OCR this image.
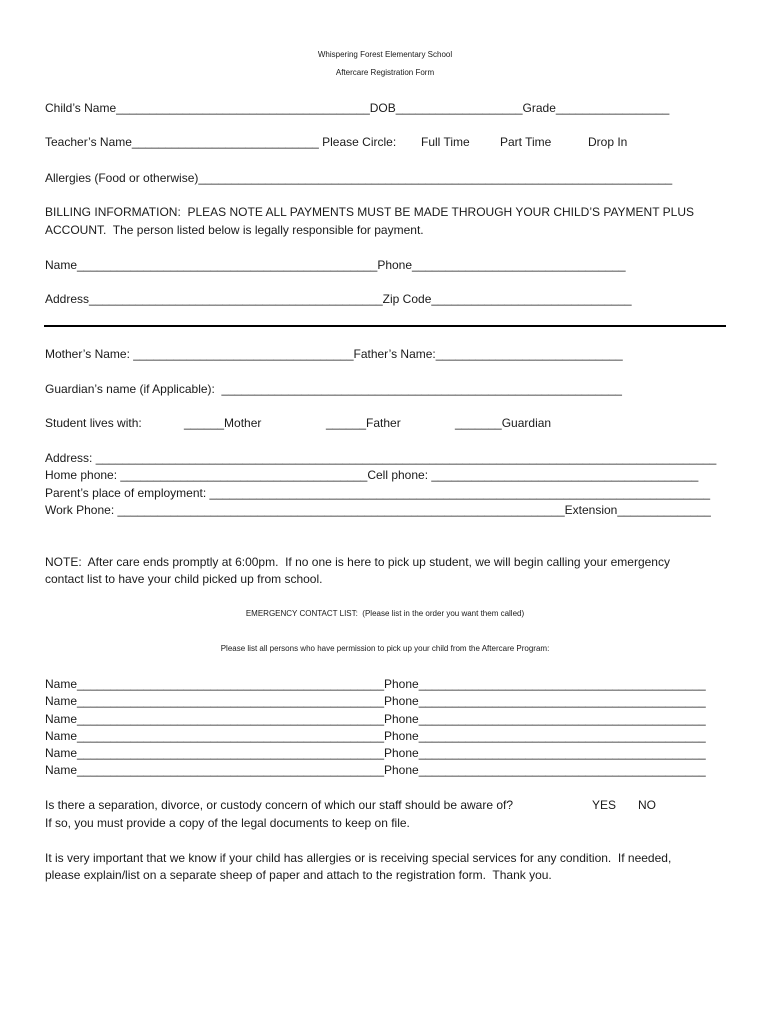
Whispering Forest Elementary School
Aftercare Registration Form
Child’s Name______________________________________DOB___________________Grade_________________
Teacher’s Name____________________________ Please Circle: Full Time	Part Time	Drop In
Allergies (Food or otherwise)_______________________________________________________________________
BILLING INFORMATION:  PLEAS NOTE ALL PAYMENTS MUST BE MADE THROUGH YOUR CHILD’S PAYMENT PLUS
ACCOUNT.  The person listed below is legally responsible for payment.
Name_____________________________________________Phone________________________________
Address____________________________________________Zip Code______________________________
Mother’s Name: _________________________________Father’s Name:____________________________
Guardian’s name (if Applicable):  ____________________________________________________________
Student lives with:	______Mother	______Father	_______Guardian
Address: _____________________________________________________________________________________________
Home phone: _____________________________________Cell phone: ________________________________________
Parent’s place of employment: ___________________________________________________________________________
Work Phone: ___________________________________________________________________Extension______________
NOTE:  After care ends promptly at 6:00pm.  If no one is here to pick up student, we will begin calling your emergency
contact list to have your child picked up from school.
EMERGENCY CONTACT LIST:  (Please list in the order you want them called)
Please list all persons who have permission to pick up your child from the Aftercare Program:
Name______________________________________________Phone___________________________________________
Name______________________________________________Phone___________________________________________
Name______________________________________________Phone___________________________________________
Name______________________________________________Phone___________________________________________
Name______________________________________________Phone___________________________________________
Name______________________________________________Phone___________________________________________
Is there a separation, divorce, or custody concern of which our staff should be aware of?	YES NO
If so, you must provide a copy of the legal documents to keep on file.
It is very important that we know if your child has allergies or is receiving special services for any condition.  If needed,
please explain/list on a separate sheep of paper and attach to the registration form.  Thank you.
